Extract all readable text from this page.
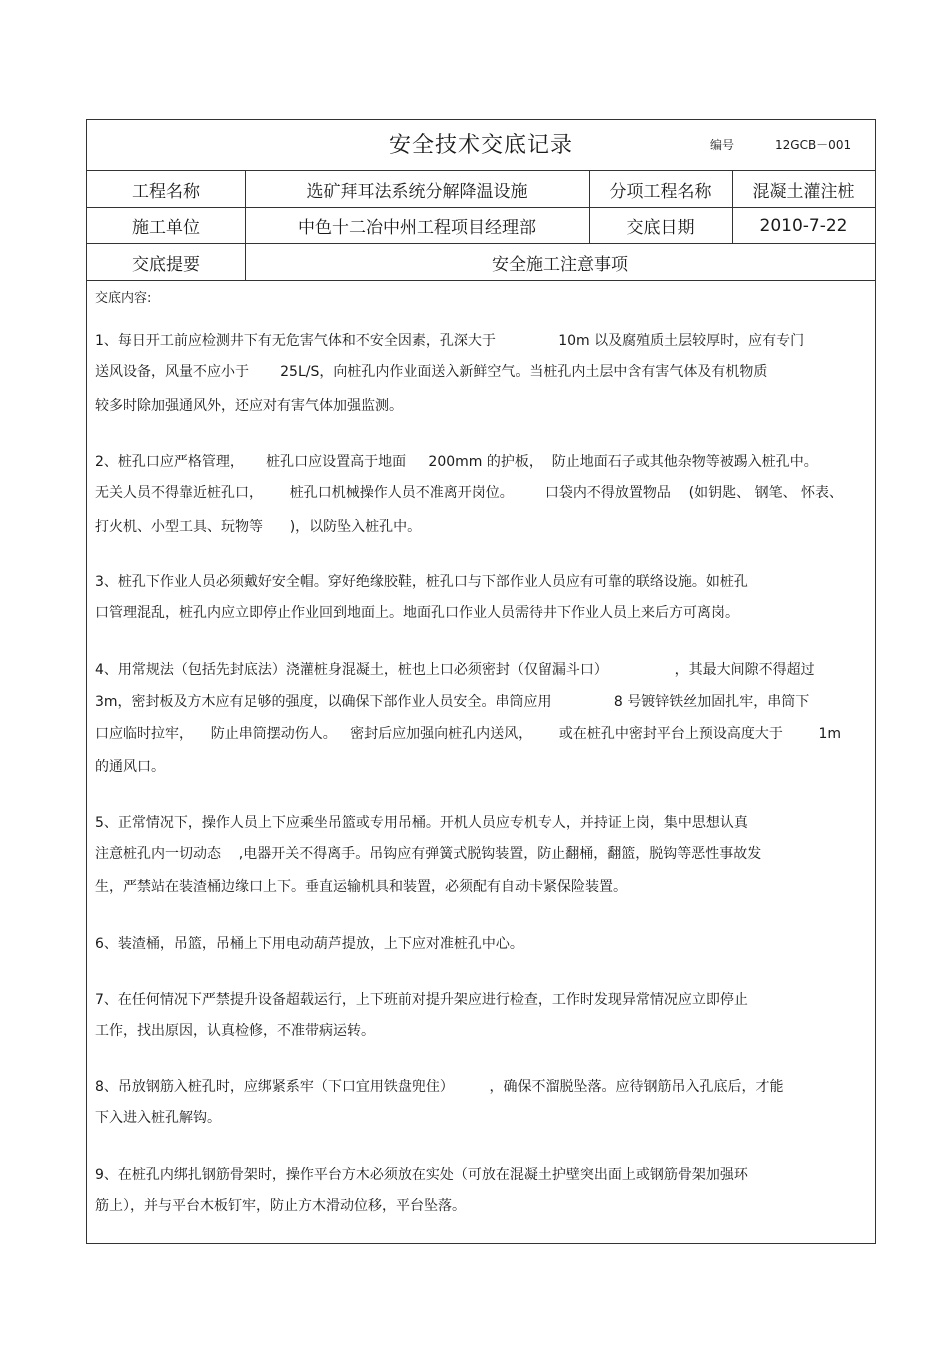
安全技术交底记录	编号	12GCB－001
工程名称	选矿拜耳法系统分解降温设施	分项工程名称	混凝土灌注桩
施工单位	中色十二冶中州工程项目经理部	交底日期	2010-7-22
交底提要	安全施工注意事项
交底内容:
1、每日开工前应检测井下有无危害气体和不安全因素，孔深大于              10m 以及腐殖质土层较厚时，应有专门
送风设备，风量不应小于       25L/S，向桩孔内作业面送入新鲜空气。当桩孔内土层中含有害气体及有机物质
较多时除加强通风外，还应对有害气体加强监测。
2、桩孔口应严格管理，     桩孔口应设置高于地面     200mm 的护板，  防止地面石子或其他杂物等被踢入桩孔中。
无关人员不得靠近桩孔口，      桩孔口机械操作人员不准离开岗位。       口袋内不得放置物品    (如钥匙、 钢笔、 怀表、
打火机、小型工具、玩物等      )，以防坠入桩孔中。
3、桩孔下作业人员必须戴好安全帽。穿好绝缘胶鞋，桩孔口与下部作业人员应有可靠的联络设施。如桩孔
口管理混乱，桩孔内应立即停止作业回到地面上。地面孔口作业人员需待井下作业人员上来后方可离岗。
4、用常规法（包括先封底法）浇灌桩身混凝土，桩也上口必须密封（仅留漏斗口）               ，其最大间隙不得超过
3m，密封板及方木应有足够的强度，以确保下部作业人员安全。串筒应用              8 号镀锌铁丝加固扎牢，串筒下
口应临时拉牢，    防止串筒摆动伤人。   密封后应加强向桩孔内送风，      或在桩孔中密封平台上预设高度大于        1m
的通风口。
5、正常情况下，操作人员上下应乘坐吊篮或专用吊桶。开机人员应专机专人，并持证上岗，集中思想认真
注意桩孔内一切动态    ,电器开关不得离手。吊钩应有弹簧式脱钩装置，防止翻桶，翻篮，脱钩等恶性事故发
生，严禁站在装渣桶边缘口上下。垂直运输机具和装置，必须配有自动卡紧保险装置。
6、装渣桶，吊篮，吊桶上下用电动葫芦提放，上下应对准桩孔中心。
7、在任何情况下严禁提升设备超载运行，上下班前对提升架应进行检查，工作时发现异常情况应立即停止
工作，找出原因，认真检修，不准带病运转。
8、吊放钢筋入桩孔时，应绑紧系牢（下口宜用铁盘兜住）        ，确保不溜脱坠落。应待钢筋吊入孔底后，才能
下入进入桩孔解钩。
9、在桩孔内绑扎钢筋骨架时，操作平台方木必须放在实处（可放在混凝土护壁突出面上或钢筋骨架加强环
筋上），并与平台木板钉牢，防止方木滑动位移，平台坠落。
